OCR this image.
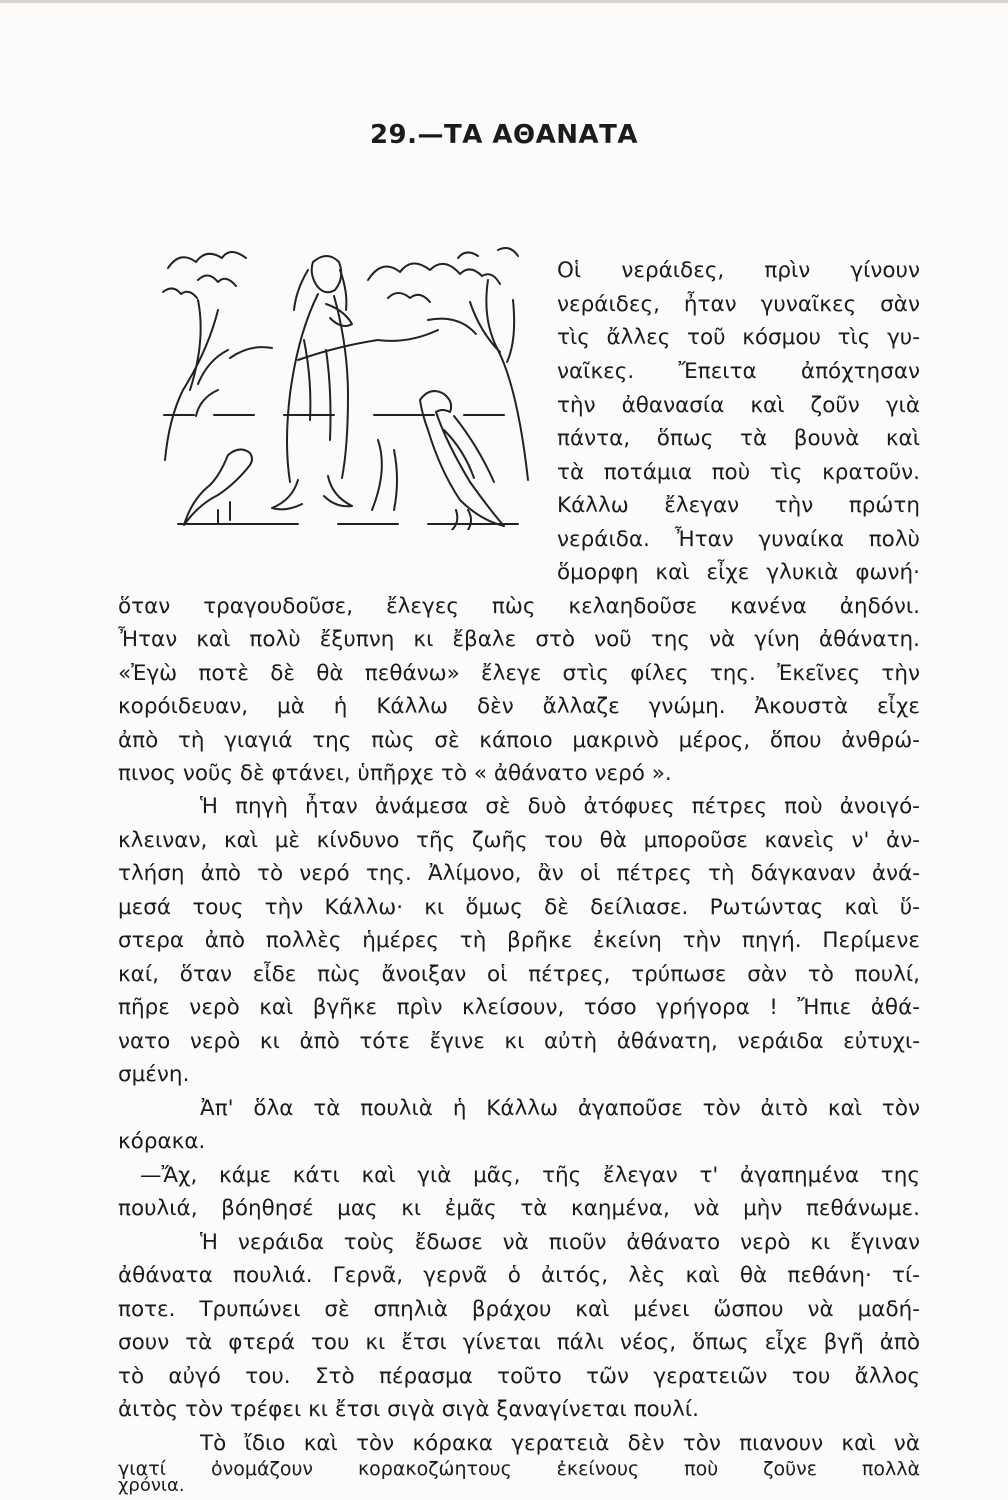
29.—ΤΑ ΑΘΑΝΑΤΑ

Οἱ νεράιδες, πρὶν γίνουν

νεράιδες, ἦταν γυναῖκες σὰν

τὶς ἄλλες τοῦ κόσμου τὶς γυ-

ναῖκες. Ἔπειτα ἀπόχτησαν

τὴν ἀθανασία καὶ ζοῦν γιὰ

πάντα, ὅπως τὰ βουνὰ καὶ

τὰ ποτάμια ποὺ τὶς κρατοῦν.

Κάλλω ἔλεγαν τὴν πρώτη

νεράιδα. Ἦταν γυναίκα πολὺ

ὅμορφη καὶ εἶχε γλυκιὰ φωνή·

ὅταν τραγουδοῦσε, ἔλεγες πὼς κελαηδοῦσε κανένα ἀηδόνι.

Ἦταν καὶ πολὺ ἔξυπνη κι ἔβαλε στὸ νοῦ της νὰ γίνη ἀθάνατη.

«Ἐγὼ ποτὲ δὲ θὰ πεθάνω» ἔλεγε στὶς φίλες της. Ἐκεῖνες τὴν

κορόιδευαν, μὰ ἡ Κάλλω δὲν ἄλλαζε γνώμη. Ἀκουστὰ εἶχε

ἀπὸ τὴ γιαγιά της πὼς σὲ κάποιο μακρινὸ μέρος, ὅπου ἀνθρώ-

πινος νοῦς δὲ φτάνει, ὑπῆρχε τὸ « ἀθάνατο νερό ».

Ἡ πηγὴ ἦταν ἀνάμεσα σὲ δυὸ ἀτόφυες πέτρες ποὺ ἀνοιγό-

κλειναν, καὶ μὲ κίνδυνο τῆς ζωῆς του θὰ μποροῦσε κανεὶς ν' ἀν-

τλήση ἀπὸ τὸ νερό της. Ἀλίμονο, ἂν οἱ πέτρες τὴ δάγκαναν ἀνά-

μεσά τους τὴν Κάλλω· κι ὅμως δὲ δείλιασε. Ρωτώντας καὶ ὕ-

στερα ἀπὸ πολλὲς ἡμέρες τὴ βρῆκε ἐκείνη τὴν πηγή. Περίμενε

καί, ὅταν εἶδε πὼς ἄνοιξαν οἱ πέτρες, τρύπωσε σὰν τὸ πουλί,

πῆρε νερὸ καὶ βγῆκε πρὶν κλείσουν, τόσο γρήγορα ! Ἤπιε ἀθά-

νατο νερὸ κι ἀπὸ τότε ἔγινε κι αὐτὴ ἀθάνατη, νεράιδα εὐτυχι-

σμένη.

Ἀπ' ὅλα τὰ πουλιὰ ἡ Κάλλω ἀγαποῦσε τὸν ἀιτὸ καὶ τὸν

κόρακα.

—Ἄχ, κάμε κάτι καὶ γιὰ μᾶς, τῆς ἔλεγαν τ' ἀγαπημένα της

πουλιά, βόηθησέ μας κι ἐμᾶς τὰ καημένα, νὰ μὴν πεθάνωμε.

Ἡ νεράιδα τοὺς ἔδωσε νὰ πιοῦν ἀθάνατο νερὸ κι ἔγιναν

ἀθάνατα πουλιά. Γερνᾶ, γερνᾶ ὁ ἀιτός, λὲς καὶ θὰ πεθάνη· τί-

ποτε. Τρυπώνει σὲ σπηλιὰ βράχου καὶ μένει ὥσπου νὰ μαδή-

σουν τὰ φτερά του κι ἔτσι γίνεται πάλι νέος, ὅπως εἶχε βγῆ ἀπὸ

τὸ αὐγό του. Στὸ πέρασμα τοῦτο τῶν γερατειῶν του ἄλλος

ἀιτὸς τὸν τρέφει κι ἔτσι σιγὰ σιγὰ ξαναγίνεται πουλί.

Τὸ ἴδιο καὶ τὸν κόρακα γερατειὰ δὲν τὸν πιανουν καὶ νὰ

γιατί ὀνομάζουν κορακοζώητους ἐκείνους ποὺ ζοῦνε πολλὰ

χρόνια.
